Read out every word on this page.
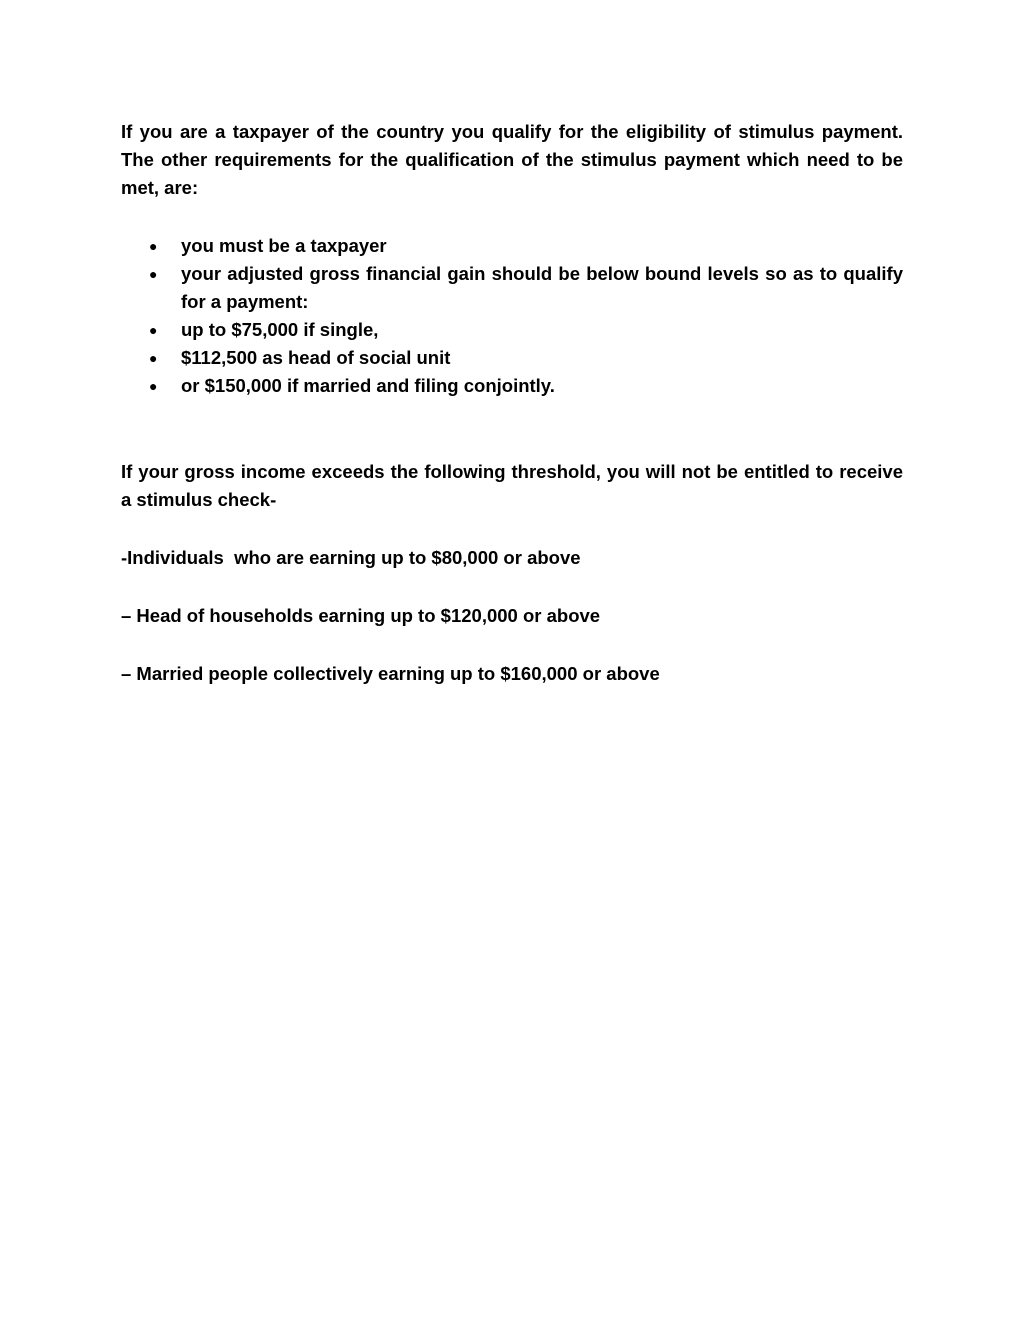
If you are a taxpayer of the country you qualify for the eligibility of stimulus payment. The other requirements for the qualification of the stimulus payment which need to be met, are:

● you must be a taxpayer
● your adjusted gross financial gain should be below bound levels so as to qualify for a payment:
● up to $75,000 if single,
● $112,500 as head of social unit
● or $150,000 if married and filing conjointly.

If your gross income exceeds the following threshold, you will not be entitled to receive a stimulus check-

-Individuals  who are earning up to $80,000 or above

– Head of households earning up to $120,000 or above

– Married people collectively earning up to $160,000 or above
